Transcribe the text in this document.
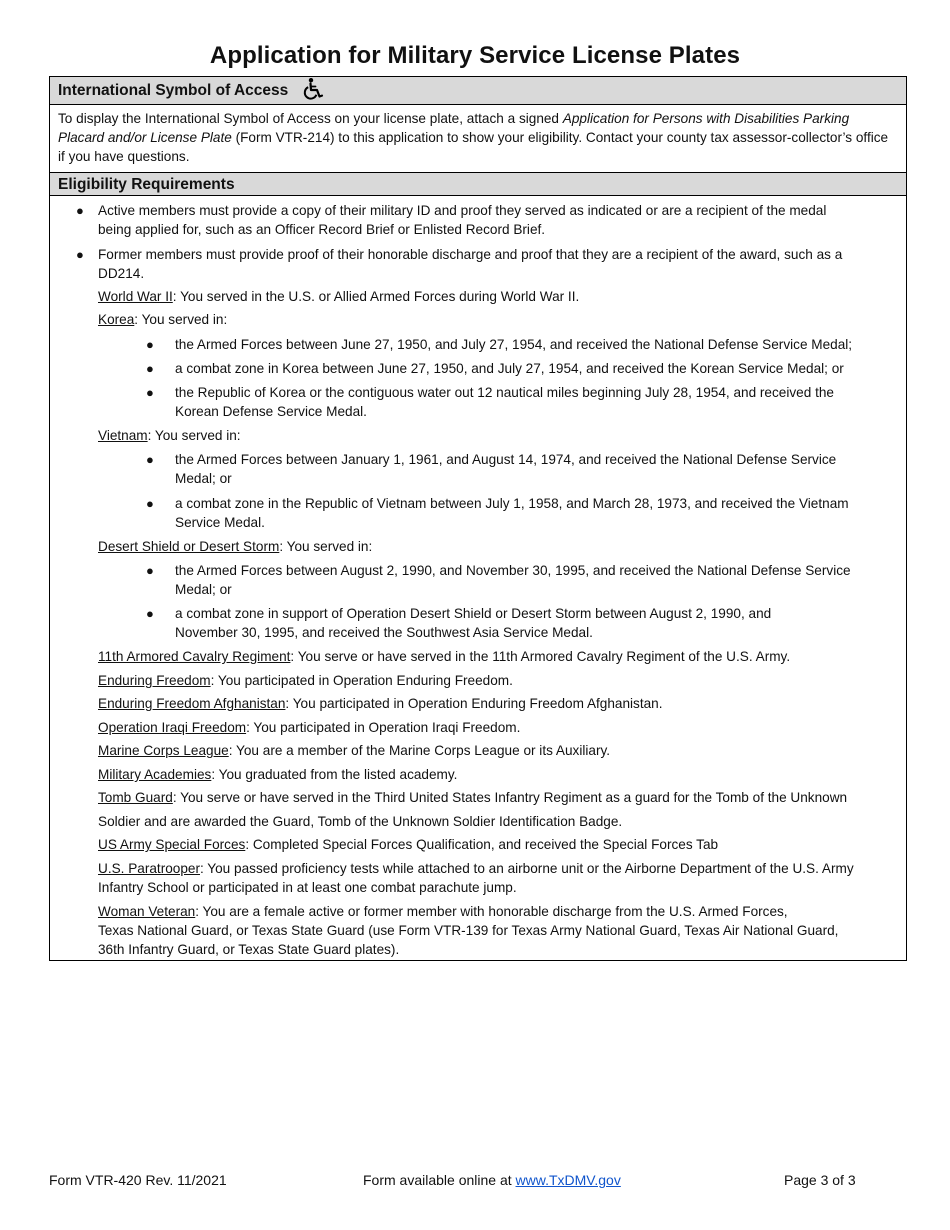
Application for Military Service License Plates
International Symbol of Access
To display the International Symbol of Access on your license plate, attach a signed Application for Persons with Disabilities Parking Placard and/or License Plate (Form VTR-214) to this application to show your eligibility. Contact your county tax assessor-collector’s office if you have questions.
Eligibility Requirements
● Active members must provide a copy of their military ID and proof they served as indicated or are a recipient of the medal
being applied for, such as an Officer Record Brief or Enlisted Record Brief.
● Former members must provide proof of their honorable discharge and proof that they are a recipient of the award, such as a
DD214.
World War II: You served in the U.S. or Allied Armed Forces during World War II.
Korea: You served in:
● the Armed Forces between June 27, 1950, and July 27, 1954, and received the National Defense Service Medal;
● a combat zone in Korea between June 27, 1950, and July 27, 1954, and received the Korean Service Medal; or
● the Republic of Korea or the contiguous water out 12 nautical miles beginning July 28, 1954, and received the
Korean Defense Service Medal.
Vietnam: You served in:
● the Armed Forces between January 1, 1961, and August 14, 1974, and received the National Defense Service
Medal; or
● a combat zone in the Republic of Vietnam between July 1, 1958, and March 28, 1973, and received the Vietnam
Service Medal.
Desert Shield or Desert Storm: You served in:
● the Armed Forces between August 2, 1990, and November 30, 1995, and received the National Defense Service
Medal; or
● a combat zone in support of Operation Desert Shield or Desert Storm between August 2, 1990, and
November 30, 1995, and received the Southwest Asia Service Medal.
11th Armored Cavalry Regiment: You serve or have served in the 11th Armored Cavalry Regiment of the U.S. Army.
Enduring Freedom: You participated in Operation Enduring Freedom.
Enduring Freedom Afghanistan: You participated in Operation Enduring Freedom Afghanistan.
Operation Iraqi Freedom: You participated in Operation Iraqi Freedom.
Marine Corps League: You are a member of the Marine Corps League or its Auxiliary.
Military Academies: You graduated from the listed academy.
Tomb Guard: You serve or have served in the Third United States Infantry Regiment as a guard for the Tomb of the Unknown
Soldier and are awarded the Guard, Tomb of the Unknown Soldier Identification Badge.
US Army Special Forces: Completed Special Forces Qualification, and received the Special Forces Tab
U.S. Paratrooper: You passed proficiency tests while attached to an airborne unit or the Airborne Department of the U.S. Army
Infantry School or participated in at least one combat parachute jump.
Woman Veteran: You are a female active or former member with honorable discharge from the U.S. Armed Forces,
Texas National Guard, or Texas State Guard (use Form VTR-139 for Texas Army National Guard, Texas Air National Guard,
36th Infantry Guard, or Texas State Guard plates).
Form VTR-420 Rev. 11/2021	Form available online at www.TxDMV.gov	Page 3 of 3
